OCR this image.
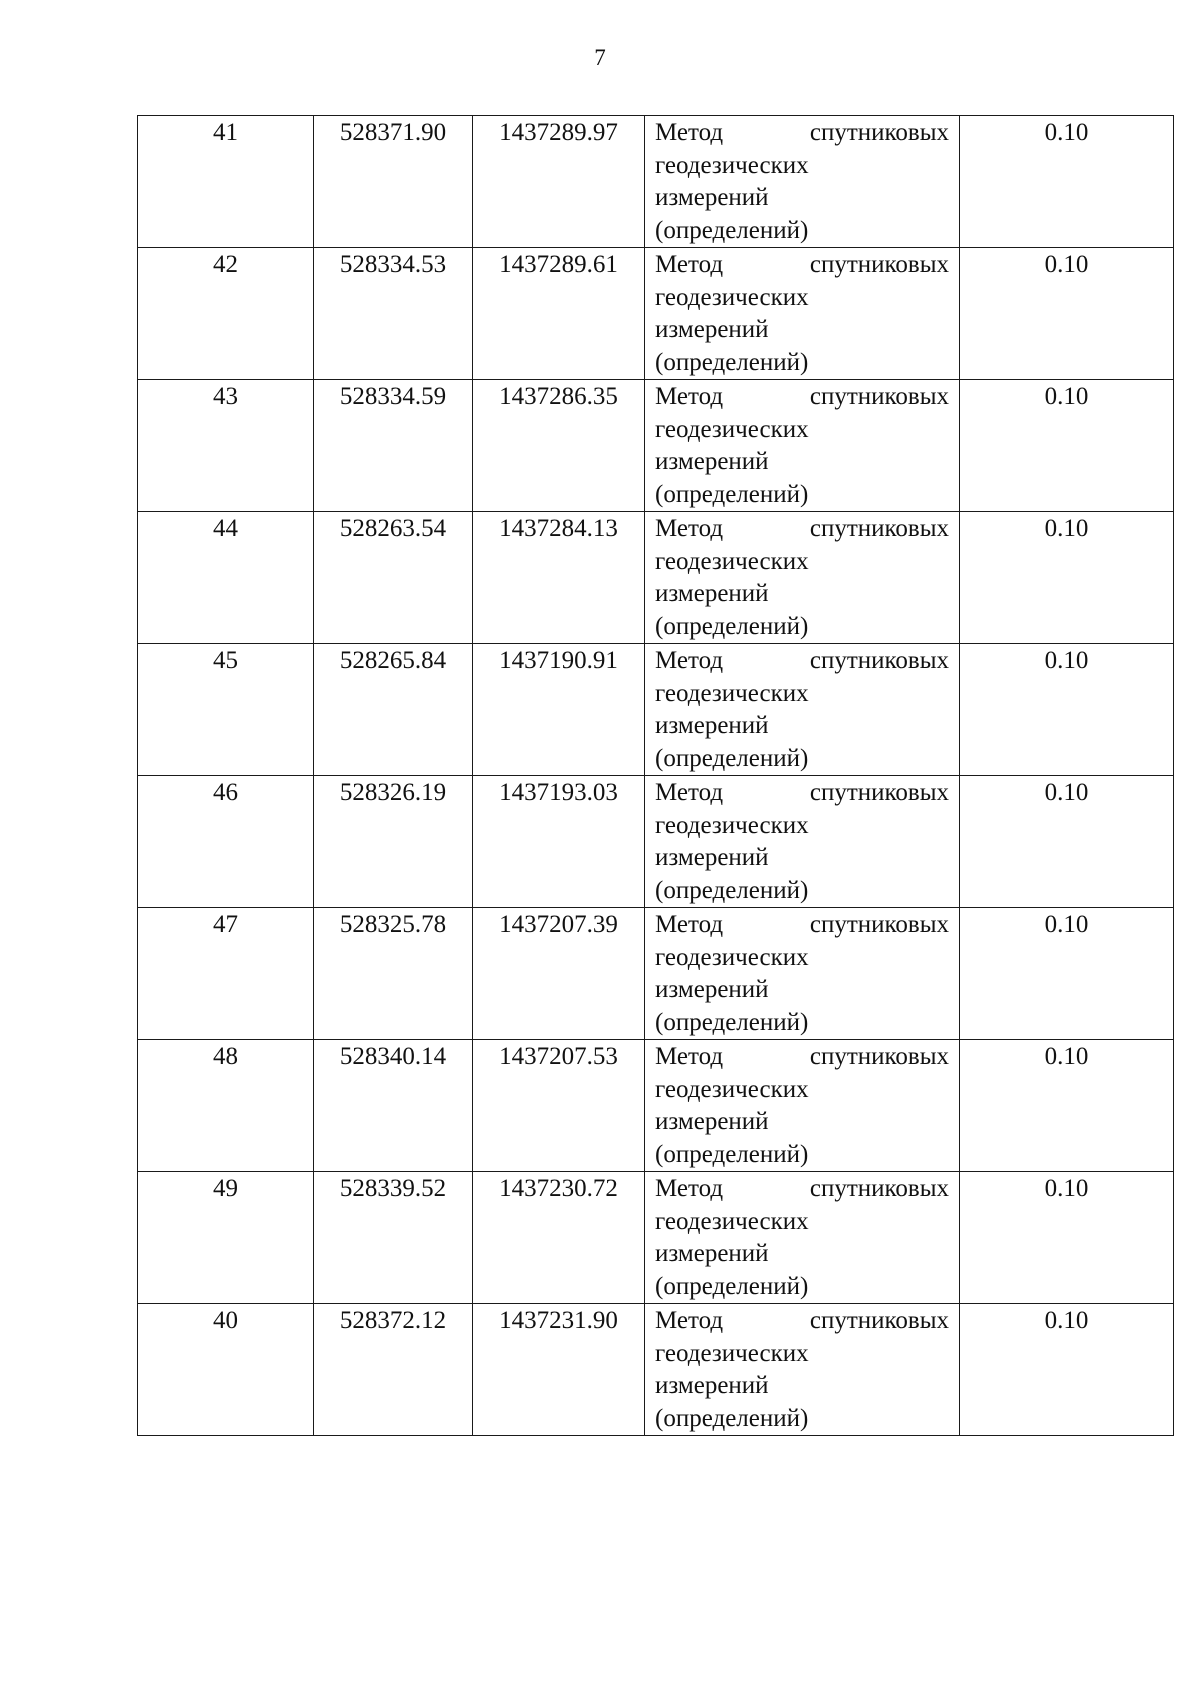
7
41	528371.90	1437289.97	Метод спутниковых
геодезических
измерений
(определений)	0.10
42	528334.53	1437289.61	Метод спутниковых
геодезических
измерений
(определений)	0.10
43	528334.59	1437286.35	Метод спутниковых
геодезических
измерений
(определений)	0.10
44	528263.54	1437284.13	Метод спутниковых
геодезических
измерений
(определений)	0.10
45	528265.84	1437190.91	Метод спутниковых
геодезических
измерений
(определений)	0.10
46	528326.19	1437193.03	Метод спутниковых
геодезических
измерений
(определений)	0.10
47	528325.78	1437207.39	Метод спутниковых
геодезических
измерений
(определений)	0.10
48	528340.14	1437207.53	Метод спутниковых
геодезических
измерений
(определений)	0.10
49	528339.52	1437230.72	Метод спутниковых
геодезических
измерений
(определений)	0.10
40	528372.12	1437231.90	Метод спутниковых
геодезических
измерений
(определений)	0.10
